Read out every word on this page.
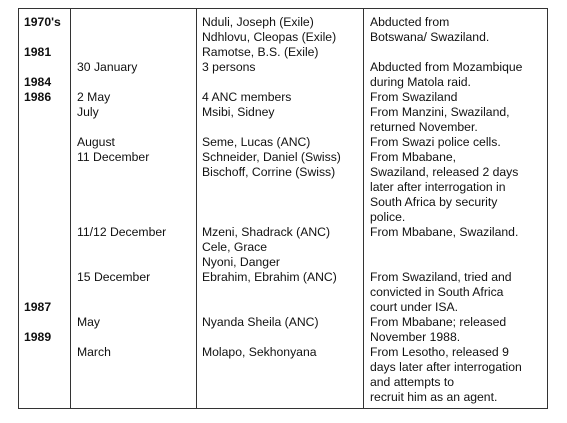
1970's
1981
1984
1986
1987
1989
30 January
2 May
July
August
11 December
11/12 December
15 December
May
March
Nduli, Joseph (Exile)
Ndhlovu, Cleopas (Exile)
Ramotse, B.S. (Exile)
3 persons
4 ANC members
Msibi, Sidney
Seme, Lucas (ANC)
Schneider, Daniel (Swiss)
Bischoff, Corrine (Swiss)
Mzeni, Shadrack (ANC)
Cele, Grace
Nyoni, Danger
Ebrahim, Ebrahim (ANC)
Nyanda Sheila (ANC)
Molapo, Sekhonyana
Abducted from
Botswana/ Swaziland.
Abducted from Mozambique
during Matola raid.
From Swaziland
From Manzini, Swaziland,
returned November.
From Swazi police cells.
From Mbabane,
Swaziland, released 2 days
later after interrogation in
South Africa by security
police.
From Mbabane, Swaziland.
From Swaziland, tried and
convicted in South Africa
court under ISA.
From Mbabane; released
November 1988.
From Lesotho, released 9
days later after interrogation
and attempts to
recruit him as an agent.
